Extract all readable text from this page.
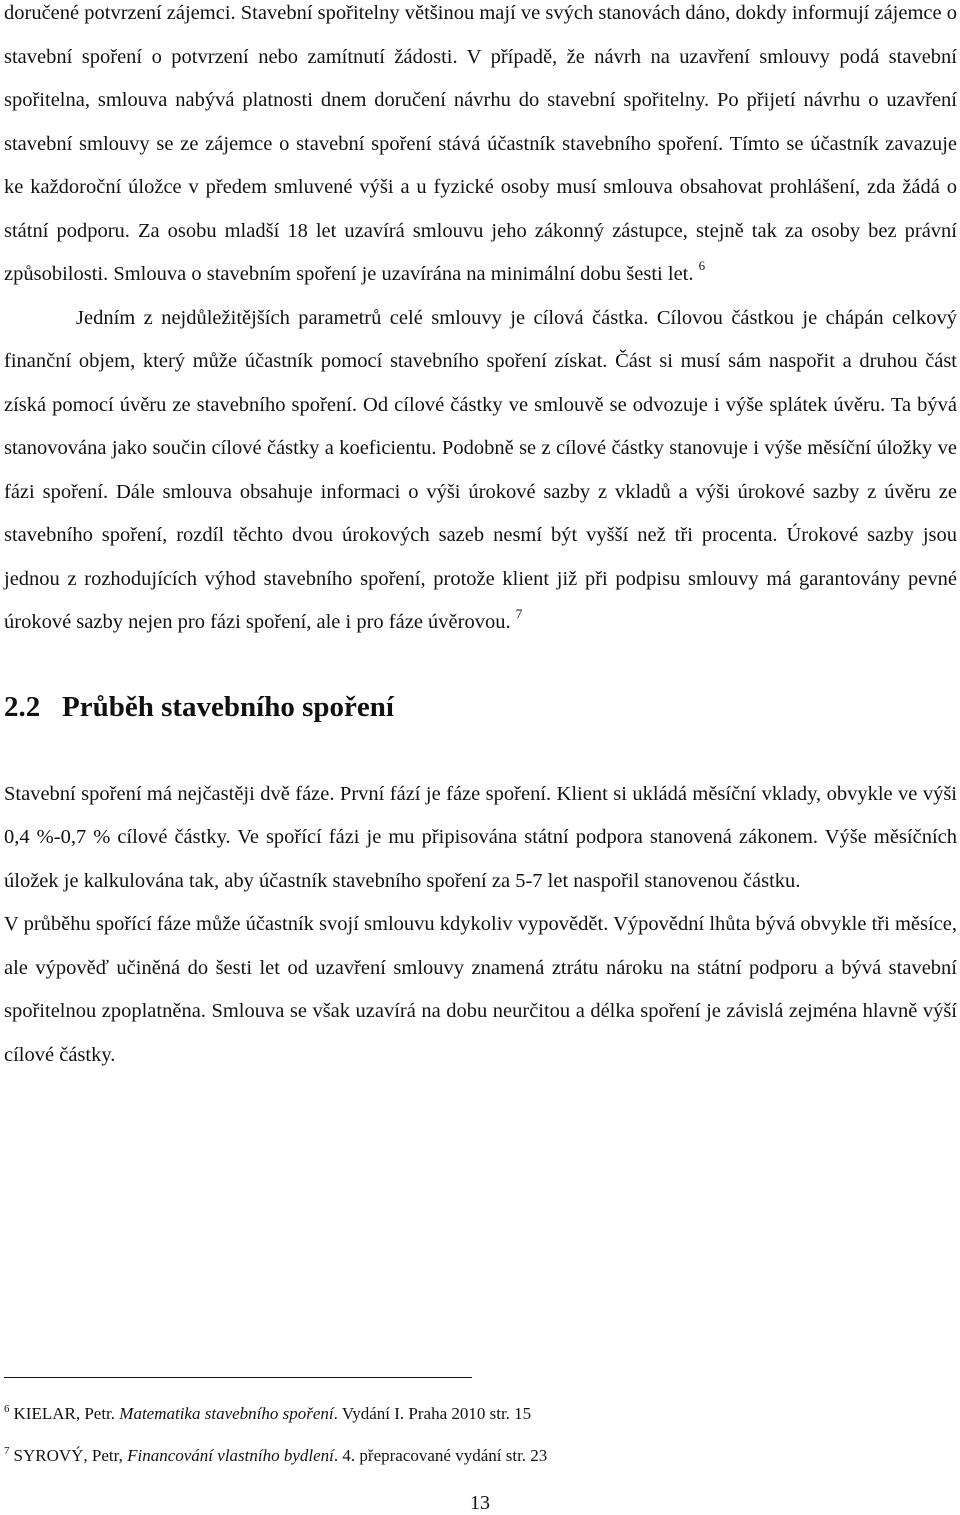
doručené potvrzení zájemci. Stavební spořitelny většinou mají ve svých stanovách dáno, dokdy informují zájemce o stavební spoření o potvrzení nebo zamítnutí žádosti. V případě, že návrh na uzavření smlouvy podá stavební spořitelna, smlouva nabývá platnosti dnem doručení návrhu do stavební spořitelny. Po přijetí návrhu o uzavření stavební smlouvy se ze zájemce o stavební spoření stává účastník stavebního spoření. Tímto se účastník zavazuje ke každoroční úložce v předem smluvené výši a u fyzické osoby musí smlouva obsahovat prohlášení, zda žádá o státní podporu. Za osobu mladší 18 let uzavírá smlouvu jeho zákonný zástupce, stejně tak za osoby bez právní způsobilosti. Smlouva o stavebním spoření je uzavírána na minimální dobu šesti let. $^6$

Jedním z nejdůležitějších parametrů celé smlouvy je cílová částka. Cílovou částkou je chápán celkový finanční objem, který může účastník pomocí stavebního spoření získat. Část si musí sám naspořit a druhou část získá pomocí úvěru ze stavebního spoření. Od cílové částky ve smlouvě se odvozuje i výše splátek úvěru. Ta bývá stanovována jako součin cílové částky a koeficientu. Podobně se z cílové částky stanovuje i výše měsíční úložky ve fázi spoření. Dále smlouva obsahuje informaci o výši úrokové sazby z vkladů a výši úrokové sazby z úvěru ze stavebního spoření, rozdíl těchto dvou úrokových sazeb nesmí být vyšší než tři procenta. Úrokové sazby jsou jednou z rozhodujících výhod stavebního spoření, protože klient již při podpisu smlouvy má garantovány pevné úrokové sazby nejen pro fázi spoření, ale i pro fáze úvěrovou. $^7$

2.2 Průběh stavebního spoření

Stavební spoření má nejčastěji dvě fáze. První fází je fáze spoření. Klient si ukládá měsíční vklady, obvykle ve výši 0,4 %-0,7 % cílové částky. Ve spořící fázi je mu připisována státní podpora stanovená zákonem. Výše měsíčních úložek je kalkulována tak, aby účastník stavebního spoření za 5-7 let naspořil stanovenou částku.

V průběhu spořící fáze může účastník svojí smlouvu kdykoliv vypovědět. Výpovědní lhůta bývá obvykle tři měsíce, ale výpověď učiněná do šesti let od uzavření smlouvy znamená ztrátu nároku na státní podporu a bývá stavební spořitelnou zpoplatněna. Smlouva se však uzavírá na dobu neurčitou a délka spoření je závislá zejména hlavně výší cílové částky.

$^6$ KIELAR, Petr. Matematika stavebního spoření. Vydání I. Praha 2010 str. 15
$^7$ SYROVÝ, Petr, Financování vlastního bydlení. 4. přepracované vydání str. 23
13
